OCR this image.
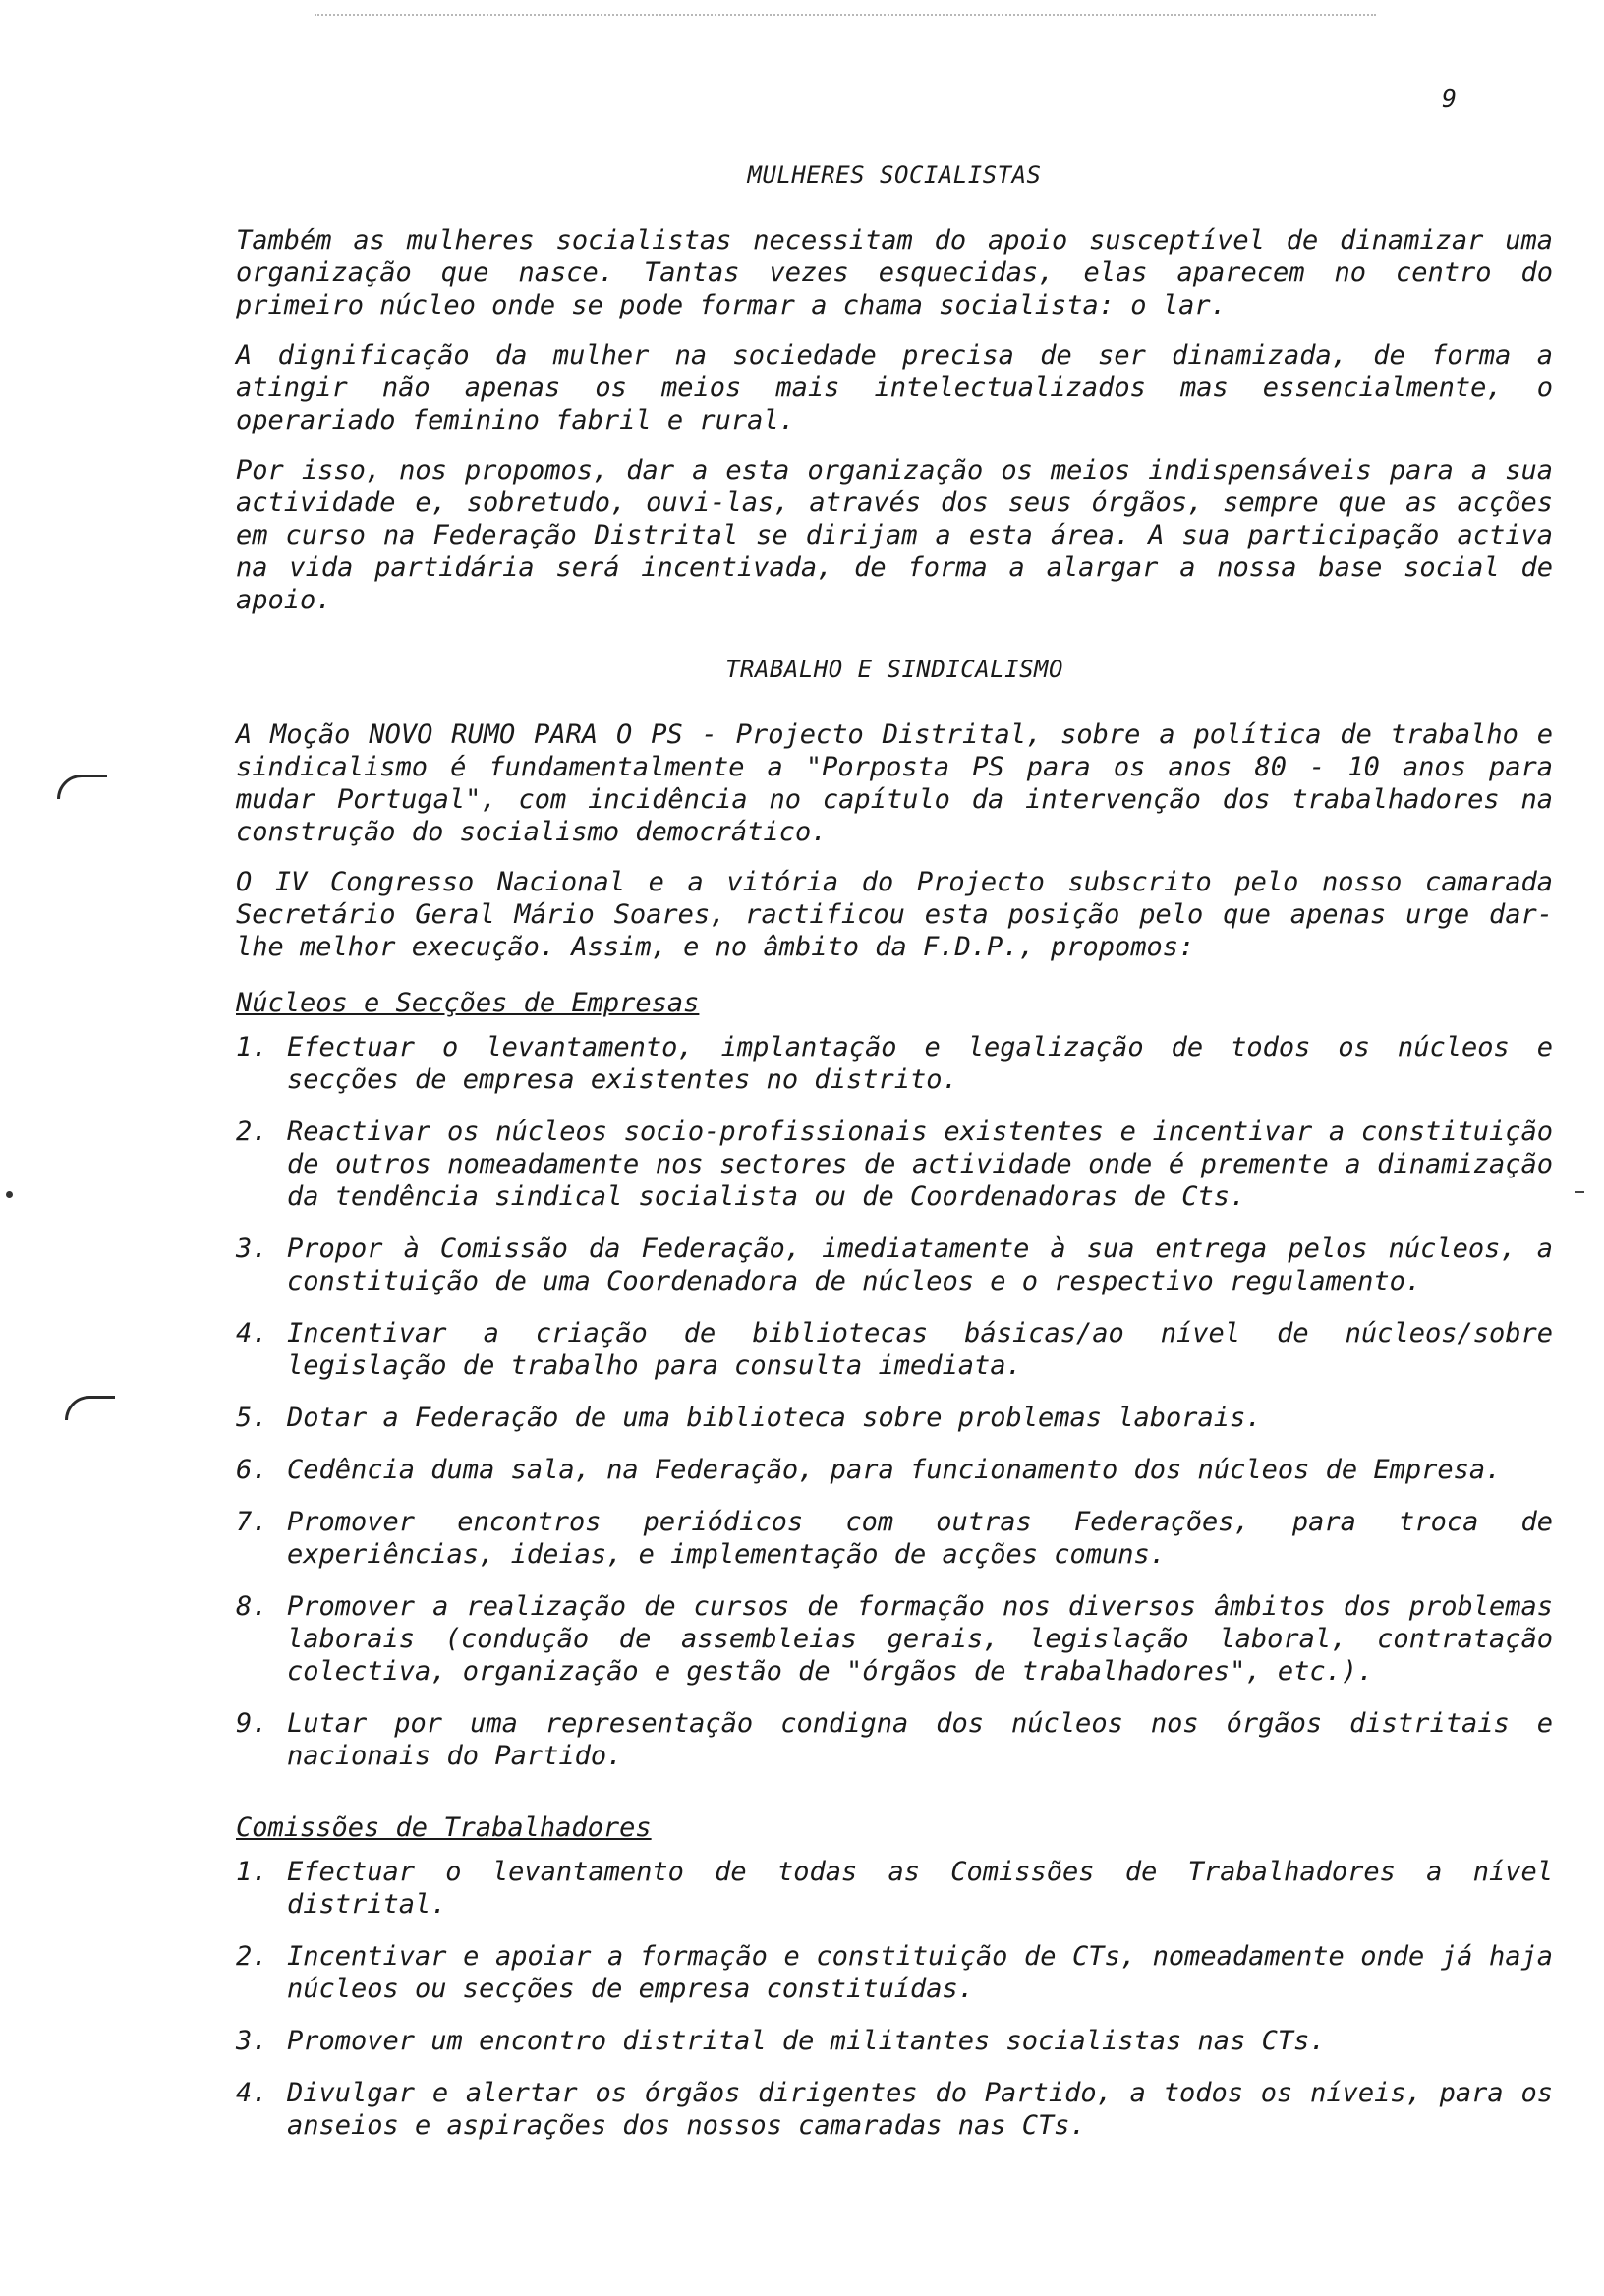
9
MULHERES SOCIALISTAS

Também as mulheres socialistas necessitam do apoio susceptível de dinamizar uma organização que nasce. Tantas vezes esquecidas, elas aparecem no centro do primeiro núcleo onde se pode formar a chama socialista: o lar.

A dignificação da mulher na sociedade precisa de ser dinamizada, de forma a atingir não apenas os meios mais intelectualizados mas essencialmente, o operariado feminino fabril e rural.

Por isso, nos propomos, dar a esta organização os meios indispensáveis para a sua actividade e, sobretudo, ouvi-las, através dos seus órgãos, sempre que as acções em curso na Federação Distrital se dirijam a esta área. A sua participação activa na vida partidária será incentivada, de forma a alargar a nossa base social de apoio.

TRABALHO E SINDICALISMO

A Moção NOVO RUMO PARA O PS - Projecto Distrital, sobre a política de trabalho e sindicalismo é fundamentalmente a "Porposta PS para os anos 80 - 10 anos para mudar Portugal", com incidência no capítulo da intervenção dos trabalhadores na construção do socialismo democrático.

O IV Congresso Nacional e a vitória do Projecto subscrito pelo nosso camarada Secretário Geral Mário Soares, ractificou esta posição pelo que apenas urge dar-lhe melhor execução. Assim, e no âmbito da F.D.P., propomos:

Núcleos e Secções de Empresas
1. Efectuar o levantamento, implantação e legalização de todos os núcleos e secções de empresa existentes no distrito.
2. Reactivar os núcleos socio-profissionais existentes e incentivar a constituição de outros nomeadamente nos sectores de actividade onde é premente a dinamização da tendência sindical socialista ou de Coordenadoras de Cts.
3. Propor à Comissão da Federação, imediatamente à sua entrega pelos núcleos, a constituição de uma Coordenadora de núcleos e o respectivo regulamento.
4. Incentivar a criação de bibliotecas básicas/ao nível de núcleos/sobre legislação de trabalho para consulta imediata.
5. Dotar a Federação de uma biblioteca sobre problemas laborais.
6. Cedência duma sala, na Federação, para funcionamento dos núcleos de Empresa.
7. Promover encontros periódicos com outras Federações, para troca de experiências, ideias, e implementação de acções comuns.
8. Promover a realização de cursos de formação nos diversos âmbitos dos problemas laborais (condução de assembleias gerais, legislação laboral, contratação colectiva, organização e gestão de "órgãos de trabalhadores", etc.).
9. Lutar por uma representação condigna dos núcleos nos órgãos distritais e nacionais do Partido.
Comissões de Trabalhadores
1. Efectuar o levantamento de todas as Comissões de Trabalhadores a nível distrital.
2. Incentivar e apoiar a formação e constituição de CTs, nomeadamente onde já haja núcleos ou secções de empresa constituídas.
3. Promover um encontro distrital de militantes socialistas nas CTs.
4. Divulgar e alertar os órgãos dirigentes do Partido, a todos os níveis, para os anseios e aspirações dos nossos camaradas nas CTs.
